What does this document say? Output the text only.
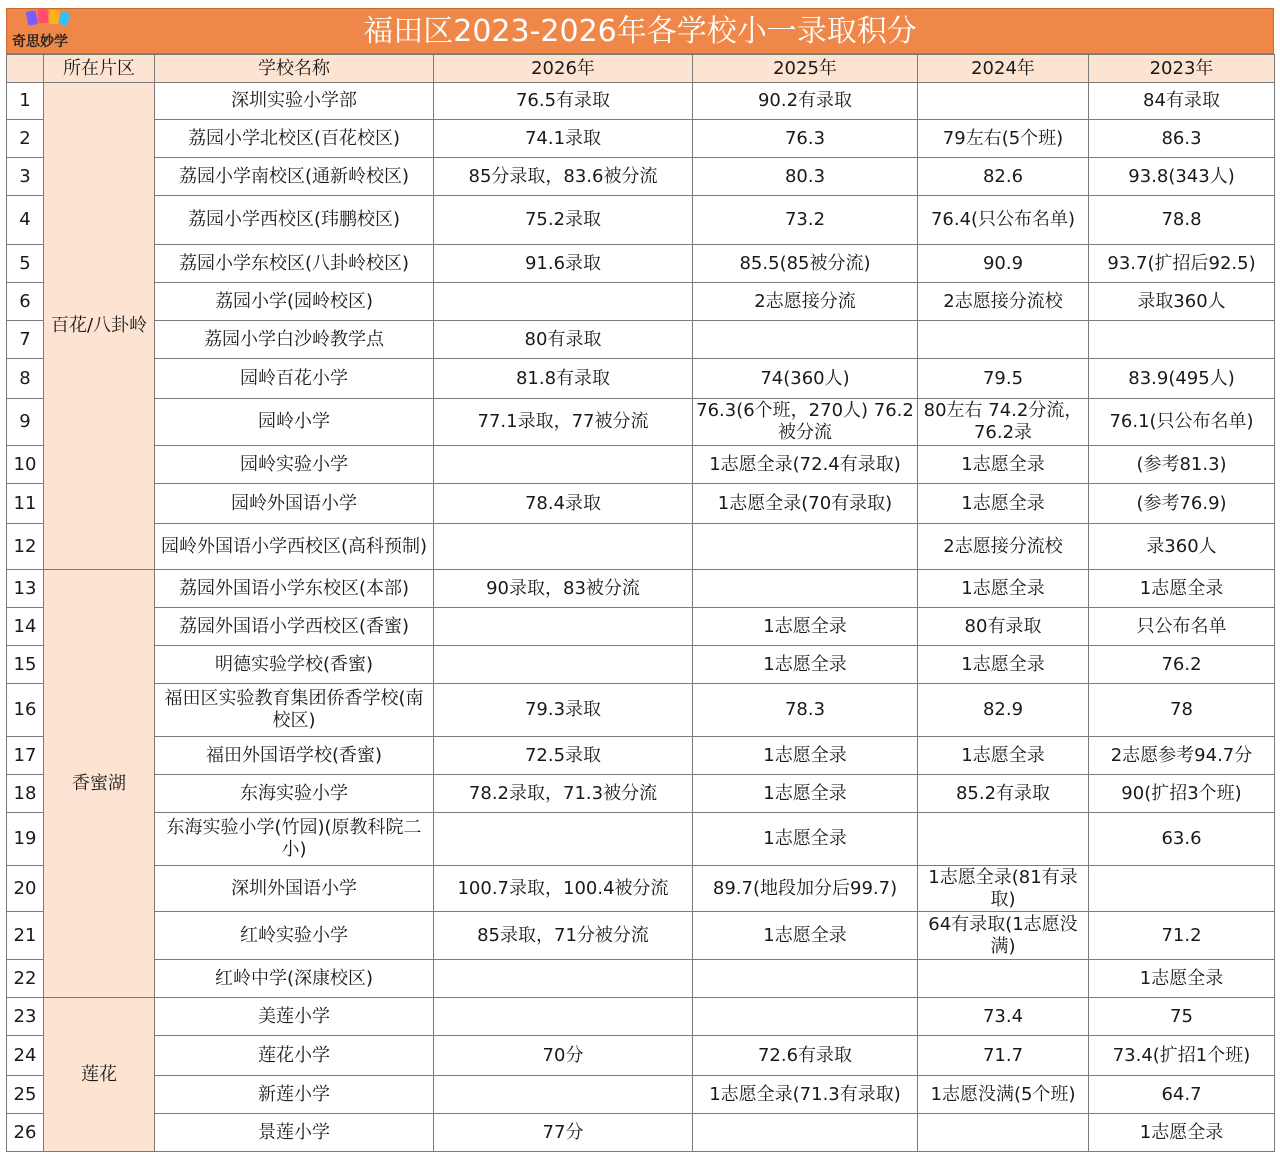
福田区2023-2026年各学校小一录取积分
奇思妙学
	所在片区	学校名称	2026年	2025年	2024年	2023年
1	百花/八卦岭	深圳实验小学部	76.5有录取	90.2有录取		84有录取
2		荔园小学北校区(百花校区)	74.1录取	76.3	79左右(5个班)	86.3
3		荔园小学南校区(通新岭校区)	85分录取，83.6被分流	80.3	82.6	93.8(343人)
4		荔园小学西校区(玮鹏校区)	75.2录取	73.2	76.4(只公布名单)	78.8
5		荔园小学东校区(八卦岭校区)	91.6录取	85.5(85被分流)	90.9	93.7(扩招后92.5)
6		荔园小学(园岭校区)		2志愿接分流	2志愿接分流校	录取360人
7		荔园小学白沙岭教学点	80有录取			
8		园岭百花小学	81.8有录取	74(360人)	79.5	83.9(495人)
9		园岭小学	77.1录取，77被分流	76.3(6个班，270人) 76.2被分流	80左右 74.2分流，76.2录	76.1(只公布名单)
10		园岭实验小学		1志愿全录(72.4有录取)	1志愿全录	(参考81.3)
11		园岭外国语小学	78.4录取	1志愿全录(70有录取)	1志愿全录	(参考76.9)
12		园岭外国语小学西校区(高科预制)			2志愿接分流校	录360人
13	香蜜湖	荔园外国语小学东校区(本部)	90录取，83被分流		1志愿全录	1志愿全录
14		荔园外国语小学西校区(香蜜)		1志愿全录	80有录取	只公布名单
15		明德实验学校(香蜜)		1志愿全录	1志愿全录	76.2
16		福田区实验教育集团侨香学校(南校区)	79.3录取	78.3	82.9	78
17		福田外国语学校(香蜜)	72.5录取	1志愿全录	1志愿全录	2志愿参考94.7分
18		东海实验小学	78.2录取，71.3被分流	1志愿全录	85.2有录取	90(扩招3个班)
19		东海实验小学(竹园)(原教科院二小)		1志愿全录		63.6
20		深圳外国语小学	100.7录取，100.4被分流	89.7(地段加分后99.7)	1志愿全录(81有录取)	
21		红岭实验小学	85录取，71分被分流	1志愿全录	64有录取(1志愿没满)	71.2
22		红岭中学(深康校区)				1志愿全录
23	莲花	美莲小学			73.4	75
24		莲花小学	70分	72.6有录取	71.7	73.4(扩招1个班)
25		新莲小学		1志愿全录(71.3有录取)	1志愿没满(5个班)	64.7
26		景莲小学	77分			1志愿全录
